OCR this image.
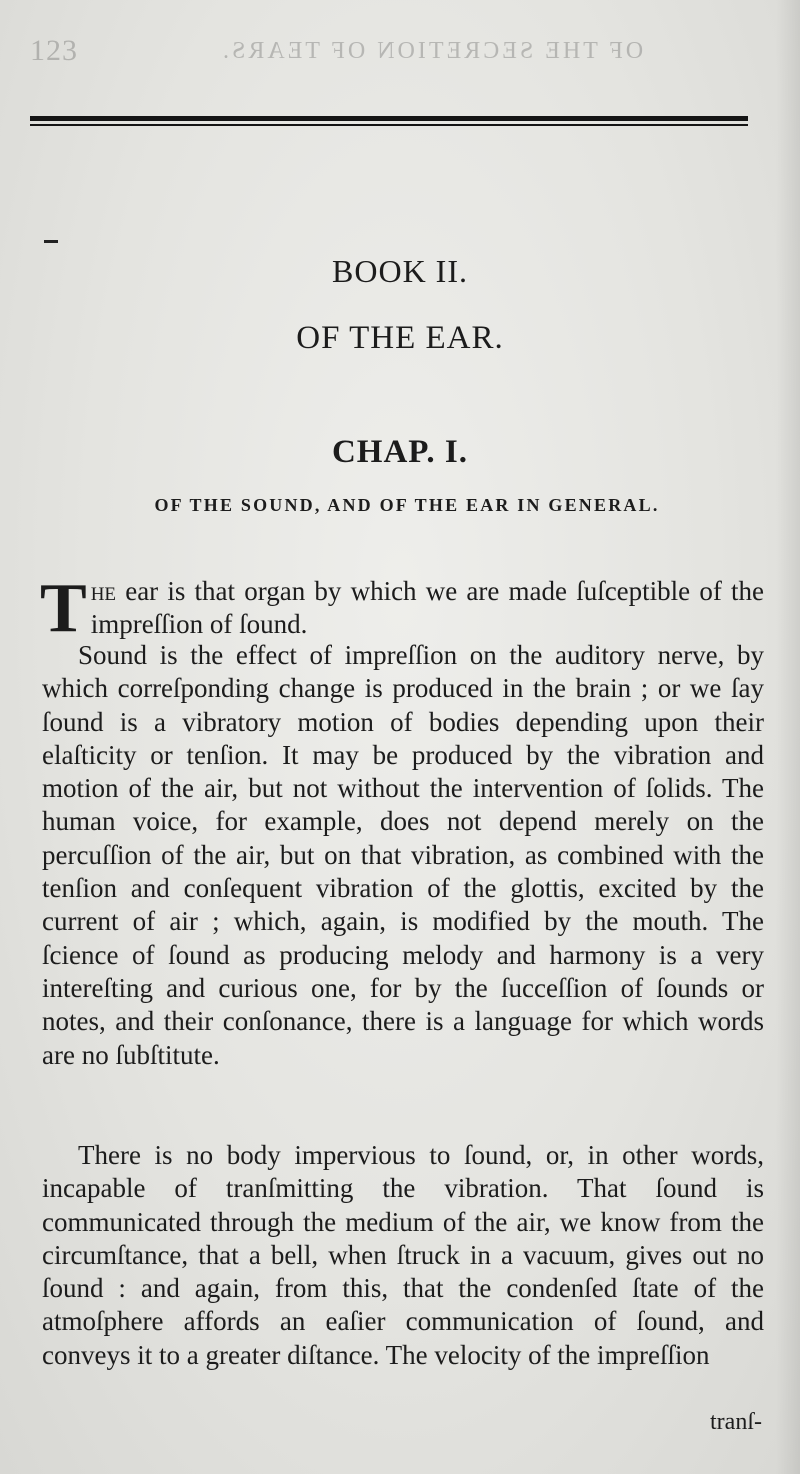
123	OF THE SECRETION OF TEARS.
BOOK II.
OF THE EAR.
CHAP. I.
OF THE SOUND, AND OF THE EAR IN GENERAL.

The ear is that organ by which we are made ſuſceptible of the impreſſion of ſound.

Sound is the effect of impreſſion on the auditory nerve, by which correſponding change is produced in the brain ; or we ſay ſound is a vibratory motion of bodies depending upon their elaſticity or tenſion. It may be produced by the vibration and motion of the air, but not without the intervention of ſolids. The human voice, for example, does not depend merely on the percuſſion of the air, but on that vibration, as combined with the tenſion and conſequent vibration of the glottis, excited by the current of air ; which, again, is modified by the mouth. The ſcience of ſound as producing melody and harmony is a very intereſting and curious one, for by the ſucceſſion of ſounds or notes, and their conſonance, there is a language for which words are no ſubſtitute.

There is no body impervious to ſound, or, in other words, incapable of tranſmitting the vibration. That ſound is communicated through the medium of the air, we know from the circumſtance, that a bell, when ſtruck in a vacuum, gives out no ſound : and again, from this, that the condenſed ſtate of the atmoſphere affords an eaſier communication of ſound, and conveys it to a greater diſtance. The velocity of the impreſſion

tranſ-
